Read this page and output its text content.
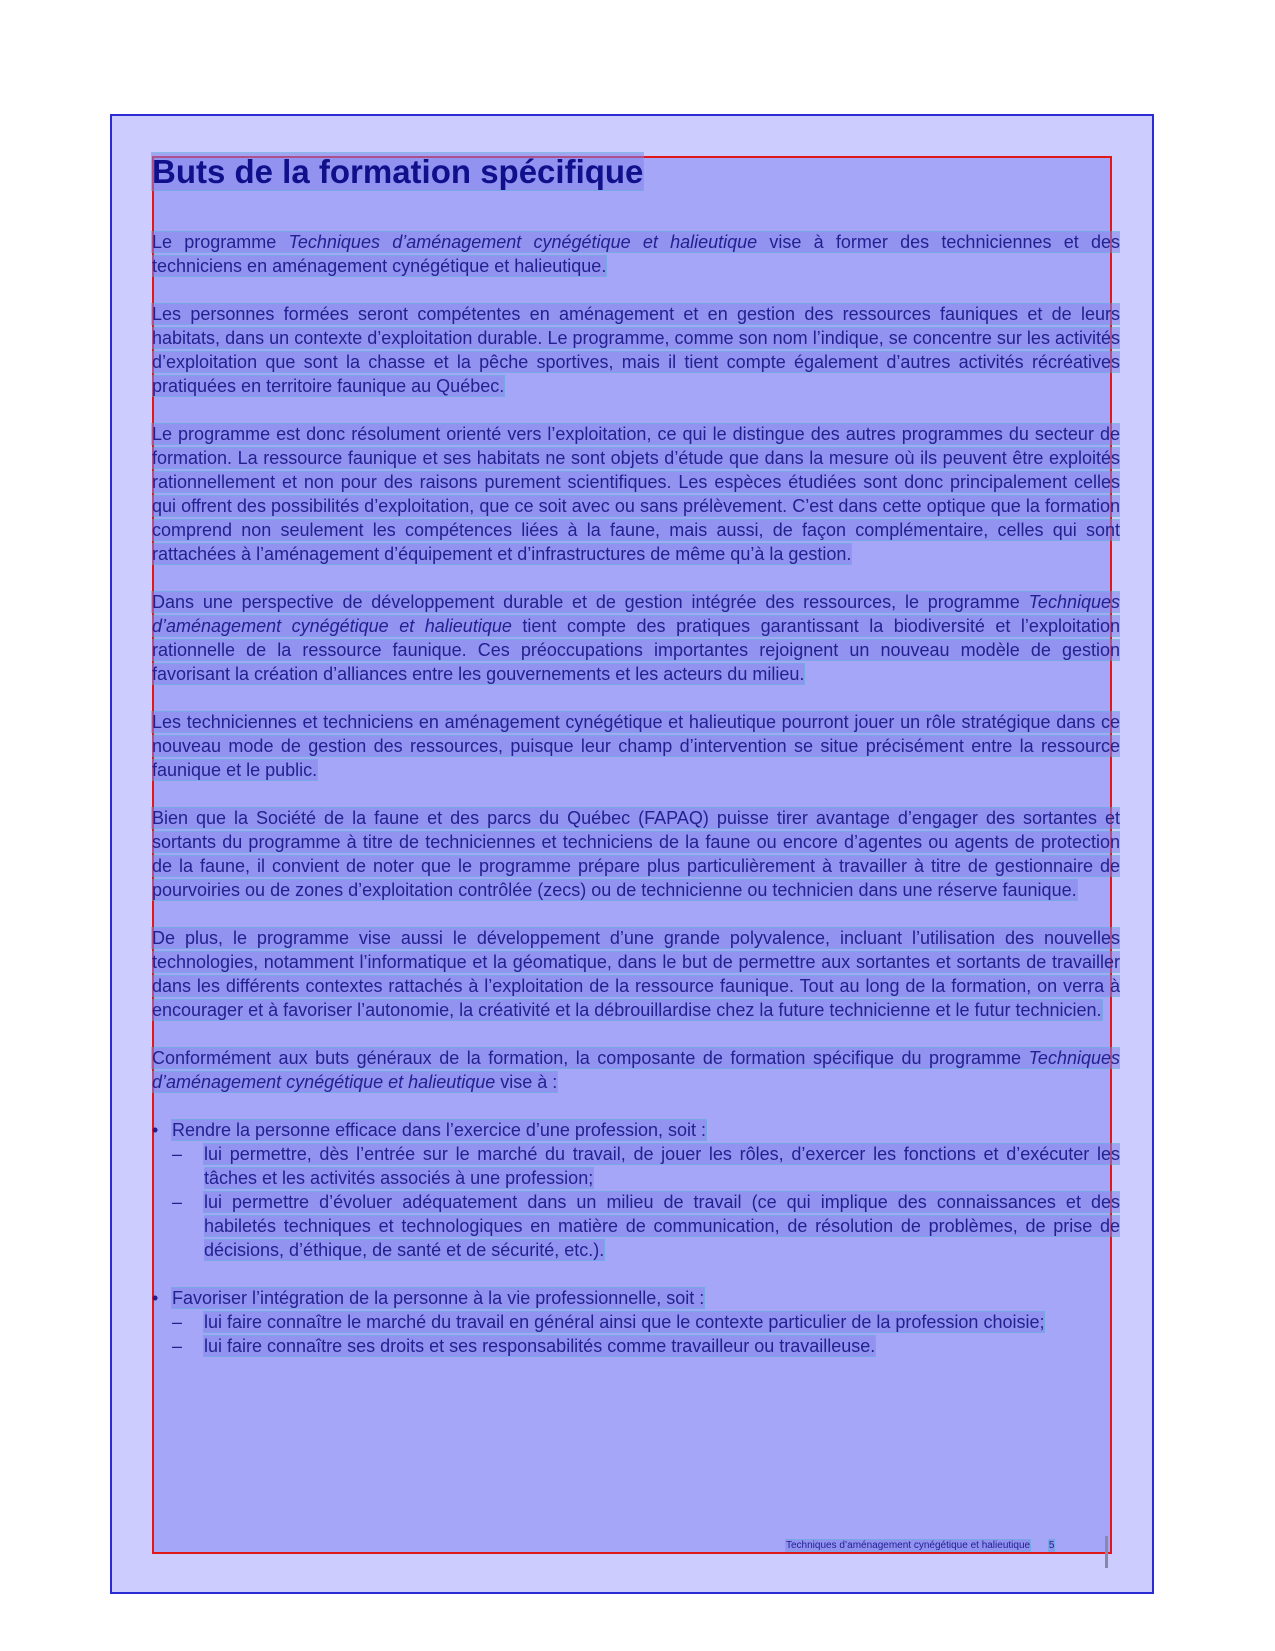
Buts de la formation spécifique

Le programme Techniques d’aménagement cynégétique et halieutique vise à former des techniciennes et des techniciens en aménagement cynégétique et halieutique.

Les personnes formées seront compétentes en aménagement et en gestion des ressources fauniques et de leurs habitats, dans un contexte d’exploitation durable. Le programme, comme son nom l’indique, se concentre sur les activités d’exploitation que sont la chasse et la pêche sportives, mais il tient compte également d’autres activités récréatives pratiquées en territoire faunique au Québec.

Le programme est donc résolument orienté vers l’exploitation, ce qui le distingue des autres programmes du secteur de formation. La ressource faunique et ses habitats ne sont objets d’étude que dans la mesure où ils peuvent être exploités rationnellement et non pour des raisons purement scientifiques. Les espèces étudiées sont donc principalement celles qui offrent des possibilités d’exploitation, que ce soit avec ou sans prélèvement. C’est dans cette optique que la formation comprend non seulement les compétences liées à la faune, mais aussi, de façon complémentaire, celles qui sont rattachées à l’aménagement d’équipement et d’infrastructures de même qu’à la gestion.

Dans une perspective de développement durable et de gestion intégrée des ressources, le programme Techniques d’aménagement cynégétique et halieutique tient compte des pratiques garantissant la biodiversité et l’exploitation rationnelle de la ressource faunique. Ces préoccupations importantes rejoignent un nouveau modèle de gestion favorisant la création d’alliances entre les gouvernements et les acteurs du milieu.

Les techniciennes et techniciens en aménagement cynégétique et halieutique pourront jouer un rôle stratégique dans ce nouveau mode de gestion des ressources, puisque leur champ d’intervention se situe précisément entre la ressource faunique et le public.

Bien que la Société de la faune et des parcs du Québec (FAPAQ) puisse tirer avantage d’engager des sortantes et sortants du programme à titre de techniciennes et techniciens de la faune ou encore d’agentes ou agents de protection de la faune, il convient de noter que le programme prépare plus particulièrement à travailler à titre de gestionnaire de pourvoiries ou de zones d’exploitation contrôlée (zecs) ou de technicienne ou technicien dans une réserve faunique.

De plus, le programme vise aussi le développement d’une grande polyvalence, incluant l’utilisation des nouvelles technologies, notamment l’informatique et la géomatique, dans le but de permettre aux sortantes et sortants de travailler dans les différents contextes rattachés à l’exploitation de la ressource faunique. Tout au long de la formation, on verra à encourager et à favoriser l’autonomie, la créativité et la débrouillardise chez la future technicienne et le futur technicien.

Conformément aux buts généraux de la formation, la composante de formation spécifique du programme Techniques d’aménagement cynégétique et halieutique vise à :

• Rendre la personne efficace dans l’exercice d’une profession, soit :
– lui permettre, dès l’entrée sur le marché du travail, de jouer les rôles, d’exercer les fonctions et d’exécuter les tâches et les activités associés à une profession;
– lui permettre d’évoluer adéquatement dans un milieu de travail (ce qui implique des connaissances et des habiletés techniques et technologiques en matière de communication, de résolution de problèmes, de prise de décisions, d’éthique, de santé et de sécurité, etc.).
• Favoriser l’intégration de la personne à la vie professionnelle, soit :
– lui faire connaître le marché du travail en général ainsi que le contexte particulier de la profession choisie;
– lui faire connaître ses droits et ses responsabilités comme travailleur ou travailleuse.
Techniques d’aménagement cynégétique et halieutique 5
